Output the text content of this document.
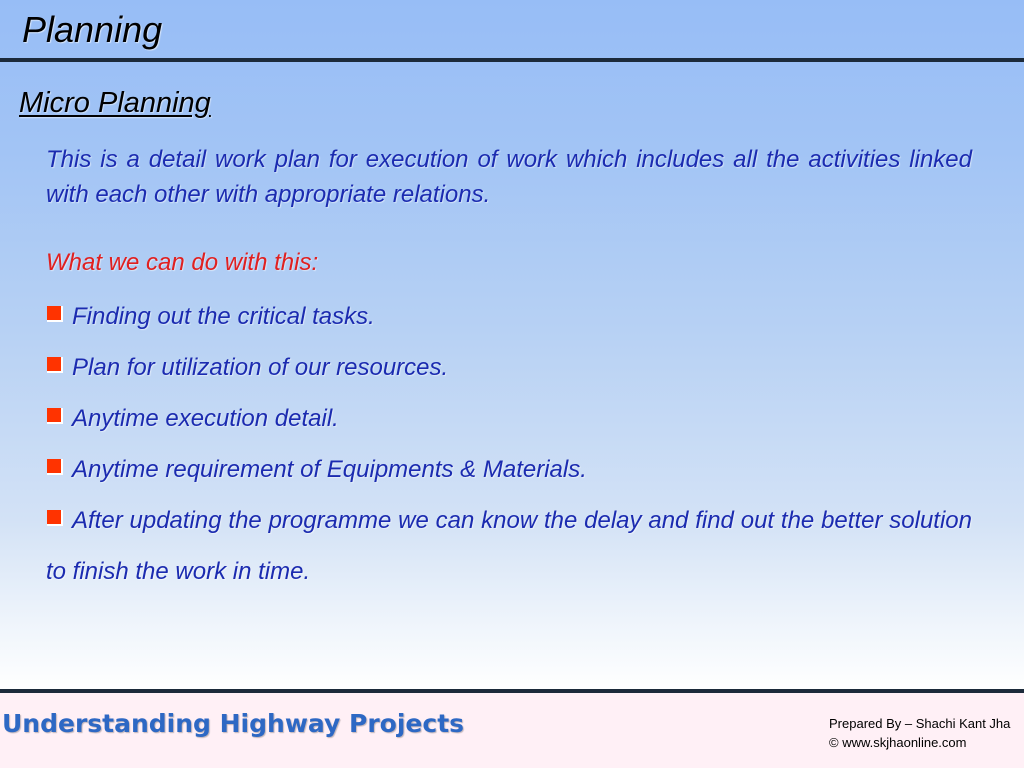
Planning
Micro Planning

This is a detail work plan for execution of work which includes all the activities linked with each other with appropriate relations.

What we can do with this:
Finding out the critical tasks.
Plan for utilization of our resources.
Anytime execution detail.
Anytime requirement of Equipments & Materials.
After updating the programme we can know the delay and find out the better solution to finish the work in time.
Understanding Highway Projects	Prepared By – Shachi Kant Jha
© www.skjhaonline.com
